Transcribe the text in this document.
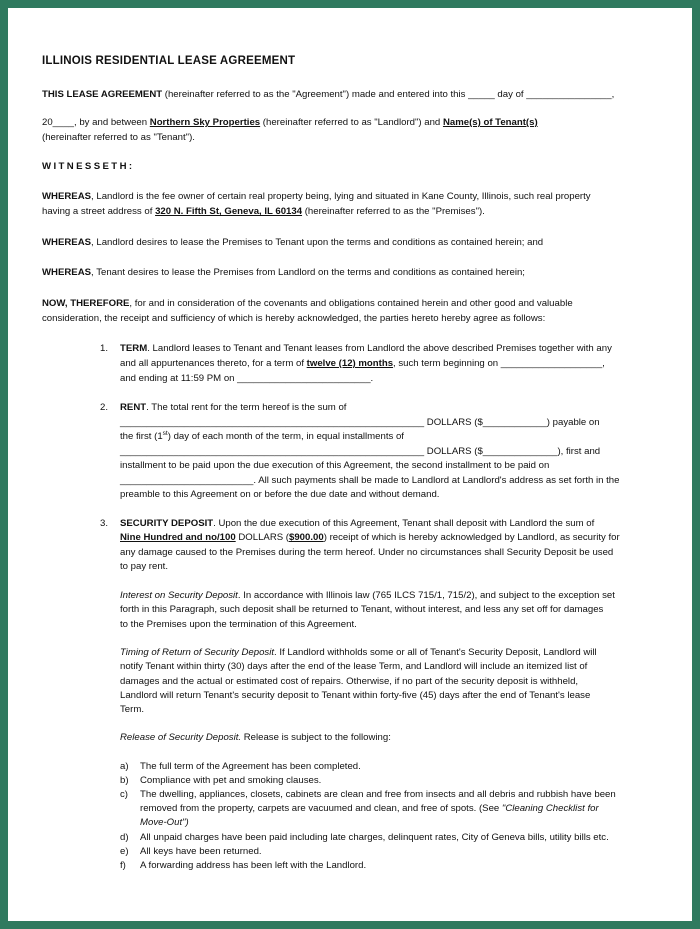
ILLINOIS RESIDENTIAL LEASE AGREEMENT
THIS LEASE AGREEMENT (hereinafter referred to as the "Agreement") made and entered into this _____ day of ________________,
20____, by and between Northern Sky Properties (hereinafter referred to as "Landlord") and Name(s) of Tenant(s)
(hereinafter referred to as "Tenant").
WITNESSETH:
WHEREAS, Landlord is the fee owner of certain real property being, lying and situated in Kane County, Illinois, such real property
having a street address of 320 N. Fifth St, Geneva, IL 60134 (hereinafter referred to as the "Premises").
WHEREAS, Landlord desires to lease the Premises to Tenant upon the terms and conditions as contained herein; and
WHEREAS, Tenant desires to lease the Premises from Landlord on the terms and conditions as contained herein;
NOW, THEREFORE, for and in consideration of the covenants and obligations contained herein and other good and valuable
consideration, the receipt and sufficiency of which is hereby acknowledged, the parties hereto hereby agree as follows:
1. TERM. Landlord leases to Tenant and Tenant leases from Landlord the above described Premises together with any
and all appurtenances thereto, for a term of twelve (12) months, such term beginning on ___________________,
and ending at 11:59 PM on _________________________.
2. RENT. The total rent for the term hereof is the sum of
_________________________________________________________ DOLLARS ($____________) payable on
the first (1st) day of each month of the term, in equal installments of
_________________________________________________________ DOLLARS ($______________), first and
installment to be paid upon the due execution of this Agreement, the second installment to be paid on
_________________________. All such payments shall be made to Landlord at Landlord's address as set forth in the
preamble to this Agreement on or before the due date and without demand.
3. SECURITY DEPOSIT. Upon the due execution of this Agreement, Tenant shall deposit with Landlord the sum of
Nine Hundred and no/100 DOLLARS ($900.00) receipt of which is hereby acknowledged by Landlord, as security for
any damage caused to the Premises during the term hereof. Under no circumstances shall Security Deposit be used
to pay rent.
Interest on Security Deposit. In accordance with Illinois law (765 ILCS 715/1, 715/2), and subject to the exception set
forth in this Paragraph, such deposit shall be returned to Tenant, without interest, and less any set off for damages
to the Premises upon the termination of this Agreement.
Timing of Return of Security Deposit. If Landlord withholds some or all of Tenant's Security Deposit, Landlord will
notify Tenant within thirty (30) days after the end of the lease Term, and Landlord will include an itemized list of
damages and the actual or estimated cost of repairs. Otherwise, if no part of the security deposit is withheld,
Landlord will return Tenant's security deposit to Tenant within forty-five (45) days after the end of Tenant's lease
Term.
Release of Security Deposit. Release is subject to the following:
a) The full term of the Agreement has been completed.
b) Compliance with pet and smoking clauses.
c) The dwelling, appliances, closets, cabinets are clean and free from insects and all debris and rubbish have been
removed from the property, carpets are vacuumed and clean, and free of spots. (See "Cleaning Checklist for
Move-Out")
d) All unpaid charges have been paid including late charges, delinquent rates, City of Geneva bills, utility bills etc.
e) All keys have been returned.
f) A forwarding address has been left with the Landlord.
